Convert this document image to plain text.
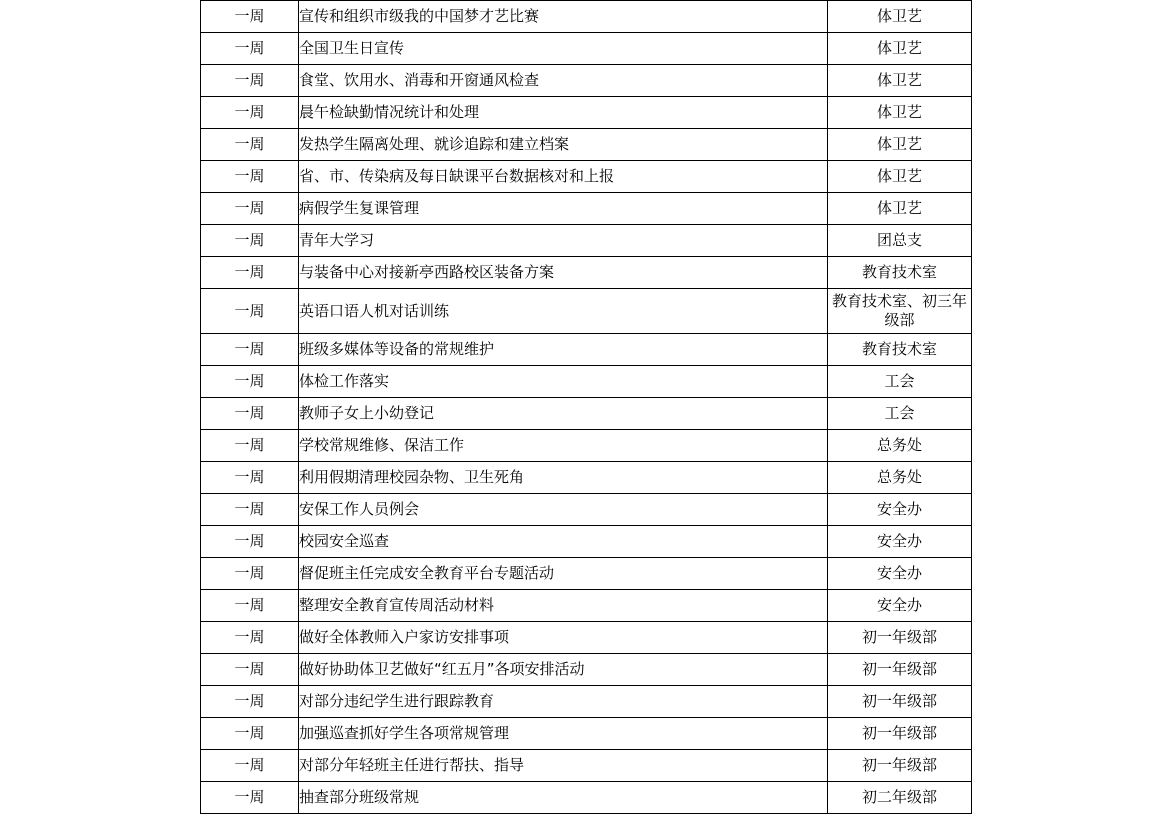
一周	宣传和组织市级我的中国梦才艺比赛	体卫艺
一周	全国卫生日宣传	体卫艺
一周	食堂、饮用水、消毒和开窗通风检查	体卫艺
一周	晨午检缺勤情况统计和处理	体卫艺
一周	发热学生隔离处理、就诊追踪和建立档案	体卫艺
一周	省、市、传染病及每日缺课平台数据核对和上报	体卫艺
一周	病假学生复课管理	体卫艺
一周	青年大学习	团总支
一周	与装备中心对接新亭西路校区装备方案	教育技术室
一周	英语口语人机对话训练	教育技术室、初三年级部
一周	班级多媒体等设备的常规维护	教育技术室
一周	体检工作落实	工会
一周	教师子女上小幼登记	工会
一周	学校常规维修、保洁工作	总务处
一周	利用假期清理校园杂物、卫生死角	总务处
一周	安保工作人员例会	安全办
一周	校园安全巡查	安全办
一周	督促班主任完成安全教育平台专题活动	安全办
一周	整理安全教育宣传周活动材料	安全办
一周	做好全体教师入户家访安排事项	初一年级部
一周	做好协助体卫艺做好“红五月”各项安排活动	初一年级部
一周	对部分违纪学生进行跟踪教育	初一年级部
一周	加强巡查抓好学生各项常规管理	初一年级部
一周	对部分年轻班主任进行帮扶、指导	初一年级部
一周	抽查部分班级常规	初二年级部
